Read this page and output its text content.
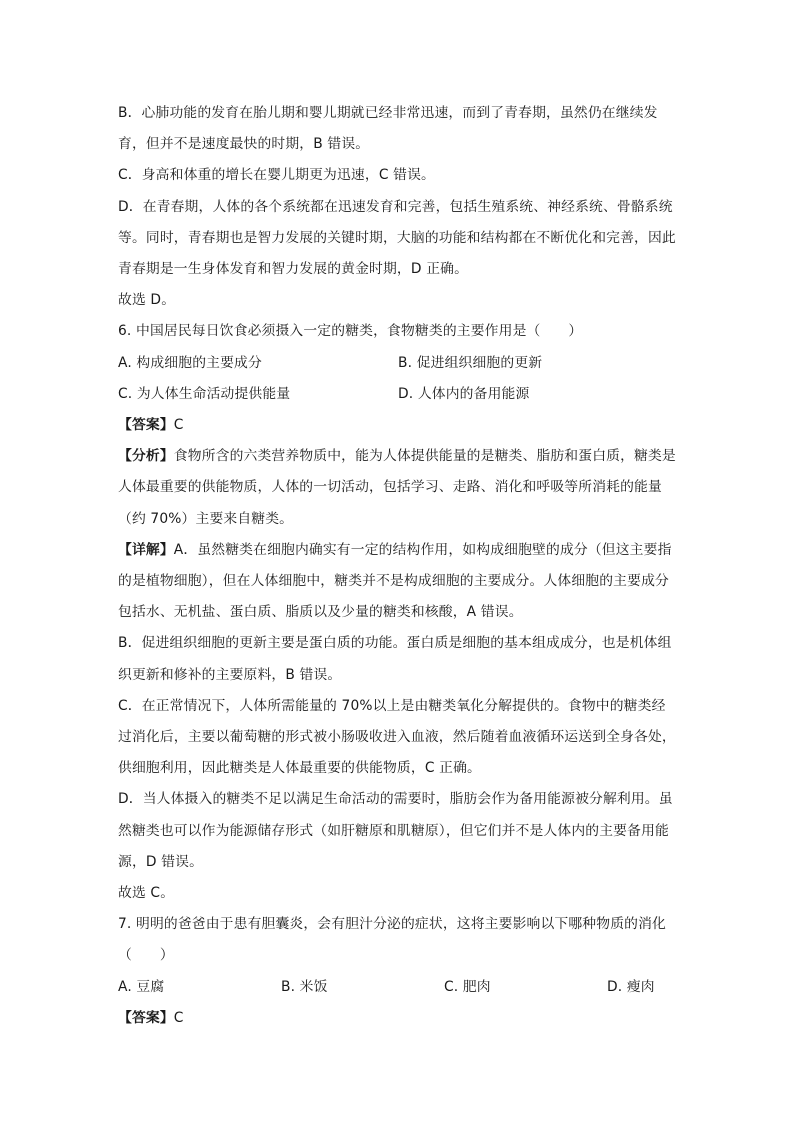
B．心肺功能的发育在胎儿期和婴儿期就已经非常迅速，而到了青春期，虽然仍在继续发育，但并不是速度最快的时期，B 错误。

C．身高和体重的增长在婴儿期更为迅速，C 错误。

D．在青春期，人体的各个系统都在迅速发育和完善，包括生殖系统、神经系统、骨骼系统等。同时，青春期也是智力发展的关键时期，大脑的功能和结构都在不断优化和完善，因此青春期是一生身体发育和智力发展的黄金时期，D 正确。

故选 D。

6. 中国居民每日饮食必须摄入一定的糖类，食物糖类的主要作用是（　　）

A. 构成细胞的主要成分	B. 促进组织细胞的更新
C. 为人体生命活动提供能量	D. 人体内的备用能源

【答案】C

【分析】食物所含的六类营养物质中，能为人体提供能量的是糖类、脂肪和蛋白质，糖类是人体最重要的供能物质，人体的一切活动，包括学习、走路、消化和呼吸等所消耗的能量（约 70%）主要来自糖类。

【详解】A．虽然糖类在细胞内确实有一定的结构作用，如构成细胞壁的成分（但这主要指的是植物细胞），但在人体细胞中，糖类并不是构成细胞的主要成分。人体细胞的主要成分包括水、无机盐、蛋白质、脂质以及少量的糖类和核酸，A 错误。

B．促进组织细胞的更新主要是蛋白质的功能。蛋白质是细胞的基本组成成分，也是机体组织更新和修补的主要原料，B 错误。

C．在正常情况下，人体所需能量的 70%以上是由糖类氧化分解提供的。食物中的糖类经过消化后，主要以葡萄糖的形式被小肠吸收进入血液，然后随着血液循环运送到全身各处，供细胞利用，因此糖类是人体最重要的供能物质，C 正确。

D．当人体摄入的糖类不足以满足生命活动的需要时，脂肪会作为备用能源被分解利用。虽然糖类也可以作为能源储存形式（如肝糖原和肌糖原），但它们并不是人体内的主要备用能源，D 错误。

故选 C。

7. 明明的爸爸由于患有胆囊炎，会有胆汁分泌的症状，这将主要影响以下哪种物质的消化（　　）

A. 豆腐	B. 米饭	C. 肥肉	D. 瘦肉

【答案】C
